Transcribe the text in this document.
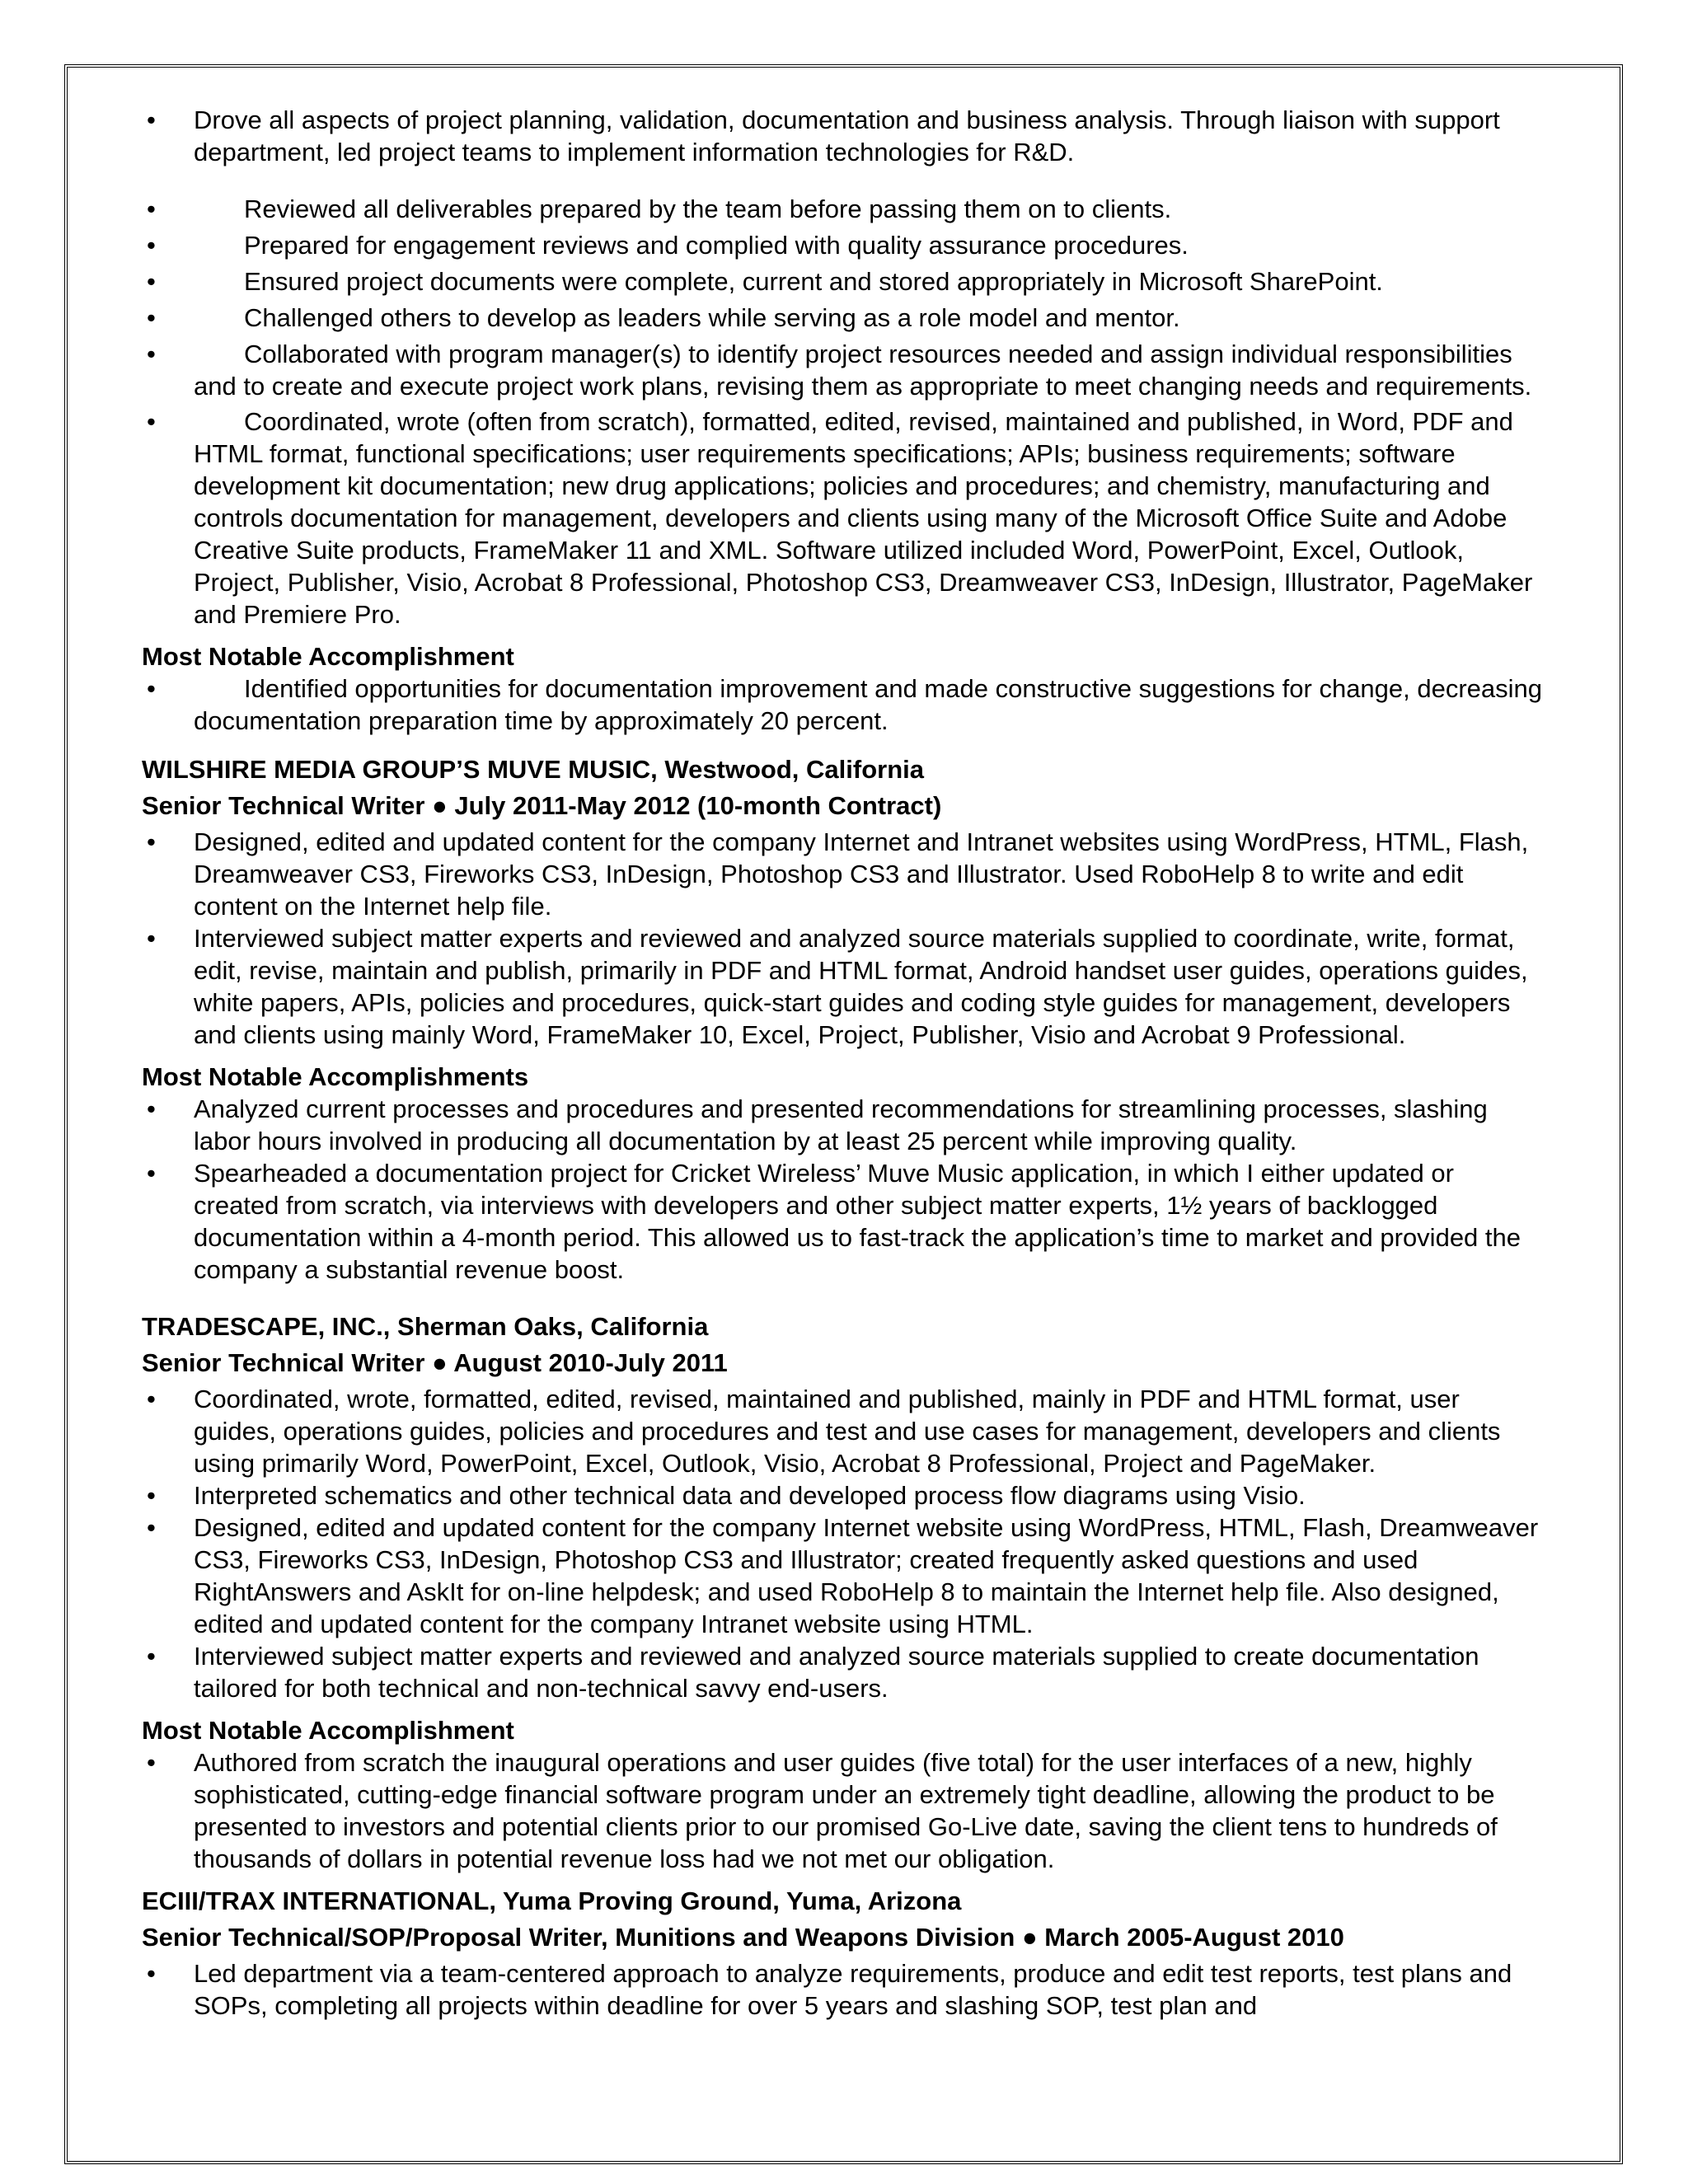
• Drove all aspects of project planning, validation, documentation and business analysis. Through liaison with support department, led project teams to implement information technologies for R&D.
• Reviewed all deliverables prepared by the team before passing them on to clients.
• Prepared for engagement reviews and complied with quality assurance procedures.
• Ensured project documents were complete, current and stored appropriately in Microsoft SharePoint.
• Challenged others to develop as leaders while serving as a role model and mentor.
• Collaborated with program manager(s) to identify project resources needed and assign individual responsibilities and to create and execute project work plans, revising them as appropriate to meet changing needs and requirements.
• Coordinated, wrote (often from scratch), formatted, edited, revised, maintained and published, in Word, PDF and HTML format, functional specifications; user requirements specifications; APIs; business requirements; software development kit documentation; new drug applications; policies and procedures; and chemistry, manufacturing and controls documentation for management, developers and clients using many of the Microsoft Office Suite and Adobe Creative Suite products, FrameMaker 11 and XML. Software utilized included Word, PowerPoint, Excel, Outlook, Project, Publisher, Visio, Acrobat 8 Professional, Photoshop CS3, Dreamweaver CS3, InDesign, Illustrator, PageMaker and Premiere Pro.
Most Notable Accomplishment
• Identified opportunities for documentation improvement and made constructive suggestions for change, decreasing documentation preparation time by approximately 20 percent.
WILSHIRE MEDIA GROUP’S MUVE MUSIC, Westwood, California
Senior Technical Writer ● July 2011-May 2012 (10-month Contract)
• Designed, edited and updated content for the company Internet and Intranet websites using WordPress, HTML, Flash, Dreamweaver CS3, Fireworks CS3, InDesign, Photoshop CS3 and Illustrator. Used RoboHelp 8 to write and edit content on the Internet help file.
• Interviewed subject matter experts and reviewed and analyzed source materials supplied to coordinate, write, format, edit, revise, maintain and publish, primarily in PDF and HTML format, Android handset user guides, operations guides, white papers, APIs, policies and procedures, quick-start guides and coding style guides for management, developers and clients using mainly Word, FrameMaker 10, Excel, Project, Publisher, Visio and Acrobat 9 Professional.
Most Notable Accomplishments
• Analyzed current processes and procedures and presented recommendations for streamlining processes, slashing labor hours involved in producing all documentation by at least 25 percent while improving quality.
• Spearheaded a documentation project for Cricket Wireless’ Muve Music application, in which I either updated or created from scratch, via interviews with developers and other subject matter experts, 1½ years of backlogged documentation within a 4-month period. This allowed us to fast-track the application’s time to market and provided the company a substantial revenue boost.
TRADESCAPE, INC., Sherman Oaks, California
Senior Technical Writer ● August 2010-July 2011
• Coordinated, wrote, formatted, edited, revised, maintained and published, mainly in PDF and HTML format, user guides, operations guides, policies and procedures and test and use cases for management, developers and clients using primarily Word, PowerPoint, Excel, Outlook, Visio, Acrobat 8 Professional, Project and PageMaker.
• Interpreted schematics and other technical data and developed process flow diagrams using Visio.
• Designed, edited and updated content for the company Internet website using WordPress, HTML, Flash, Dreamweaver CS3, Fireworks CS3, InDesign, Photoshop CS3 and Illustrator; created frequently asked questions and used RightAnswers and AskIt for on-line helpdesk; and used RoboHelp 8 to maintain the Internet help file. Also designed, edited and updated content for the company Intranet website using HTML.
• Interviewed subject matter experts and reviewed and analyzed source materials supplied to create documentation tailored for both technical and non-technical savvy end-users.
Most Notable Accomplishment
• Authored from scratch the inaugural operations and user guides (five total) for the user interfaces of a new, highly sophisticated, cutting-edge financial software program under an extremely tight deadline, allowing the product to be presented to investors and potential clients prior to our promised Go-Live date, saving the client tens to hundreds of thousands of dollars in potential revenue loss had we not met our obligation.
ECIII/TRAX INTERNATIONAL, Yuma Proving Ground, Yuma, Arizona
Senior Technical/SOP/Proposal Writer, Munitions and Weapons Division ● March 2005-August 2010
• Led department via a team-centered approach to analyze requirements, produce and edit test reports, test plans and SOPs, completing all projects within deadline for over 5 years and slashing SOP, test plan and
